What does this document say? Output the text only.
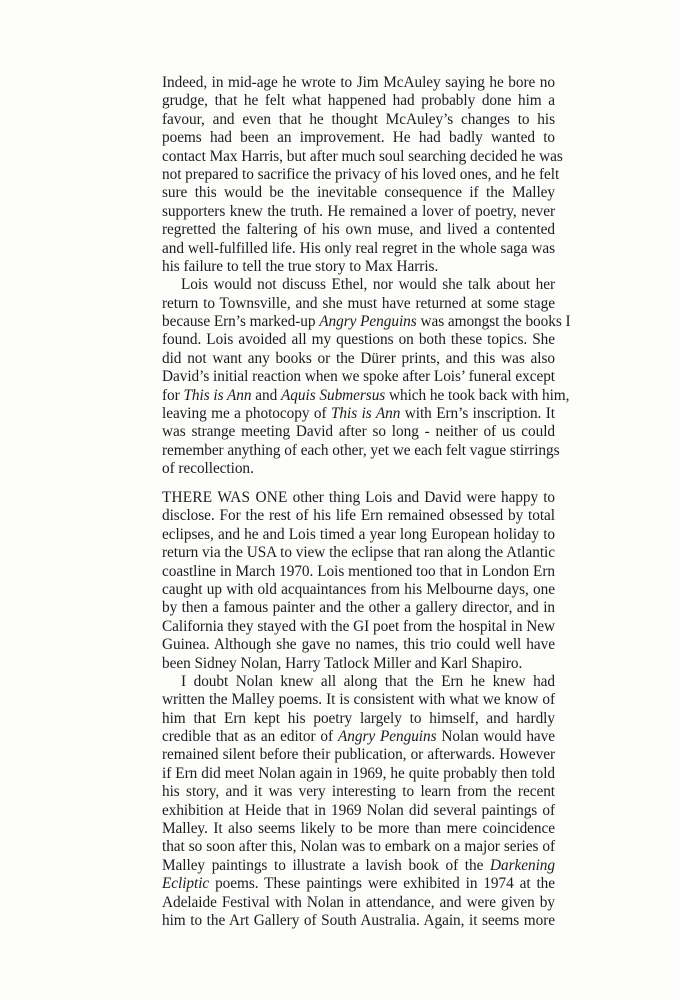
Indeed, in mid-age he wrote to Jim McAuley saying he bore no
grudge, that he felt what happened had probably done him a
favour, and even that he thought McAuley’s changes to his
poems had been an improvement. He had badly wanted to
contact Max Harris, but after much soul searching decided he was
not prepared to sacrifice the privacy of his loved ones, and he felt
sure this would be the inevitable consequence if the Malley
supporters knew the truth. He remained a lover of poetry, never
regretted the faltering of his own muse, and lived a contented
and well-fulfilled life. His only real regret in the whole saga was
his failure to tell the true story to Max Harris.
Lois would not discuss Ethel, nor would she talk about her
return to Townsville, and she must have returned at some stage
because Ern’s marked-up Angry Penguins was amongst the books I
found. Lois avoided all my questions on both these topics. She
did not want any books or the Dürer prints, and this was also
David’s initial reaction when we spoke after Lois’ funeral except
for This is Ann and Aquis Submersus which he took back with him,
leaving me a photocopy of This is Ann with Ern’s inscription. It
was strange meeting David after so long - neither of us could
remember anything of each other, yet we each felt vague stirrings
of recollection.
THERE WAS ONE other thing Lois and David were happy to
disclose. For the rest of his life Ern remained obsessed by total
eclipses, and he and Lois timed a year long European holiday to
return via the USA to view the eclipse that ran along the Atlantic
coastline in March 1970. Lois mentioned too that in London Ern
caught up with old acquaintances from his Melbourne days, one
by then a famous painter and the other a gallery director, and in
California they stayed with the GI poet from the hospital in New
Guinea. Although she gave no names, this trio could well have
been Sidney Nolan, Harry Tatlock Miller and Karl Shapiro.
I doubt Nolan knew all along that the Ern he knew had
written the Malley poems. It is consistent with what we know of
him that Ern kept his poetry largely to himself, and hardly
credible that as an editor of Angry Penguins Nolan would have
remained silent before their publication, or afterwards. However
if Ern did meet Nolan again in 1969, he quite probably then told
his story, and it was very interesting to learn from the recent
exhibition at Heide that in 1969 Nolan did several paintings of
Malley. It also seems likely to be more than mere coincidence
that so soon after this, Nolan was to embark on a major series of
Malley paintings to illustrate a lavish book of the Darkening
Ecliptic poems. These paintings were exhibited in 1974 at the
Adelaide Festival with Nolan in attendance, and were given by
him to the Art Gallery of South Australia. Again, it seems more
